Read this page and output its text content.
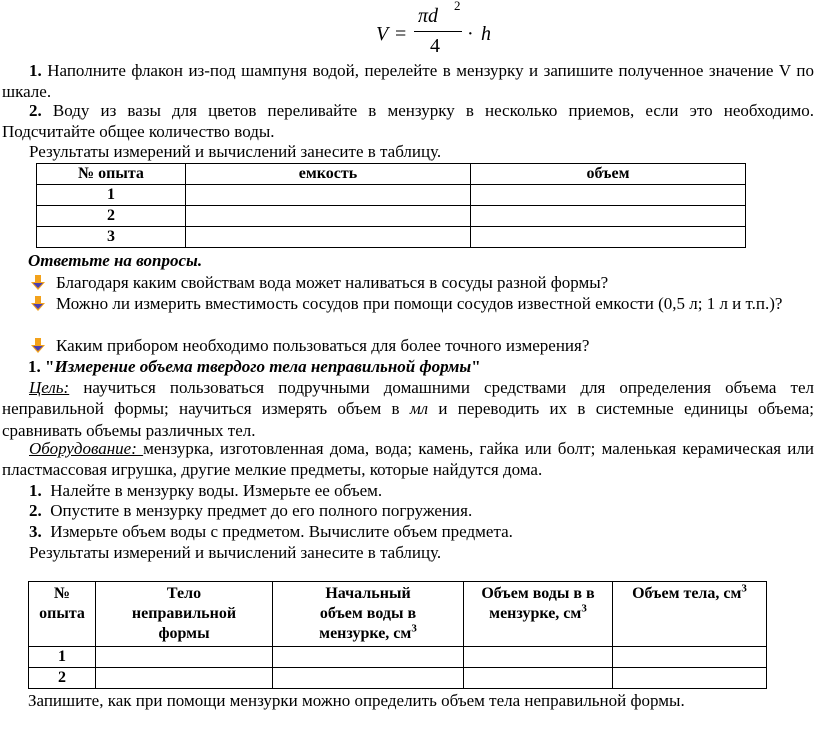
V =
πd 2
4
· h
1. Наполните флакон из-под шампуня водой, перелейте в мензурку и запишите полученное значение V по шкале.
2. Воду из вазы для цветов переливайте в мензурку в несколько приемов, если это необходимо. Подсчитайте общее количество воды.
Результаты измерений и вычислений занесите в таблицу.
№ опыта	емкость	объем
1		
2		
3		
Ответьте на вопросы.
Благодаря каким свойствам вода может наливаться в сосуды разной формы?
Можно ли измерить вместимость сосудов при помощи сосудов известной емкости (0,5 л; 1 л и т.п.)?
Каким прибором необходимо пользоваться для более точного измерения?
1. "Измерение объема твердого тела неправильной формы"
Цель: научиться пользоваться подручными домашними средствами для определения объема тел неправильной формы; научиться измерять объем в мл и переводить их в системные единицы объема; сравнивать объемы различных тел.
Оборудование: мензурка, изготовленная дома, вода; камень, гайка или болт; маленькая керамическая или пластмассовая игрушка, другие мелкие предметы, которые найдутся дома.
1. Налейте в мензурку воды. Измерьте ее объем.
2. Опустите в мензурку предмет до его полного погружения.
3. Измерьте объем воды с предметом. Вычислите объем предмета.
Результаты измерений и вычислений занесите в таблицу.
№ опыта	Тело неправильной формы	Начальный объем воды в мензурке, $см^3$	Объем воды в в мензурке, $см^3$	Объем тела, $см^3$

1				
2				
Запишите, как при помощи мензурки можно определить объем тела неправильной формы.
